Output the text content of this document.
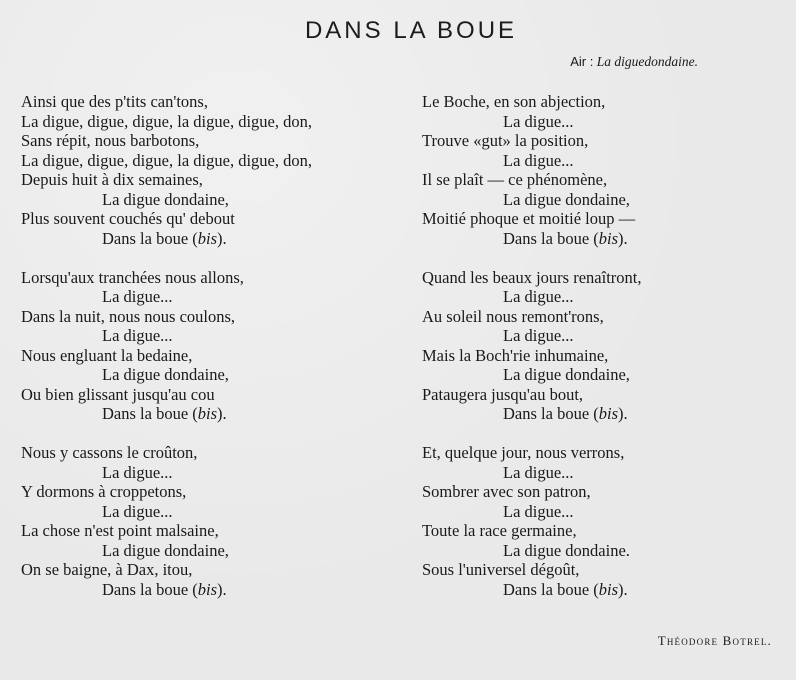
DANS LA BOUE
Air : La diguedondaine.
Ainsi que des p'tits can'tons,
La digue, digue, digue, la digue, digue, don,
Sans répit, nous barbotons,
La digue, digue, digue, la digue, digue, don,
Depuis huit à dix semaines,
La digue dondaine,
Plus souvent couchés qu' debout
Dans la boue (bis).
Lorsqu'aux tranchées nous allons,
La digue...
Dans la nuit, nous nous coulons,
La digue...
Nous engluant la bedaine,
La digue dondaine,
Ou bien glissant jusqu'au cou
Dans la boue (bis).
Nous y cassons le croûton,
La digue...
Y dormons à croppetons,
La digue...
La chose n'est point malsaine,
La digue dondaine,
On se baigne, à Dax, itou,
Dans la boue (bis).
Le Boche, en son abjection,
La digue...
Trouve «gut» la position,
La digue...
Il se plaît — ce phénomène,
La digue dondaine,
Moitié phoque et moitié loup —
Dans la boue (bis).
Quand les beaux jours renaîtront,
La digue...
Au soleil nous remont'rons,
La digue...
Mais la Boch'rie inhumaine,
La digue dondaine,
Pataugera jusqu'au bout,
Dans la boue (bis).
Et, quelque jour, nous verrons,
La digue...
Sombrer avec son patron,
La digue...
Toute la race germaine,
La digue dondaine.
Sous l'universel dégoût,
Dans la boue (bis).
Théodore Botrel.
